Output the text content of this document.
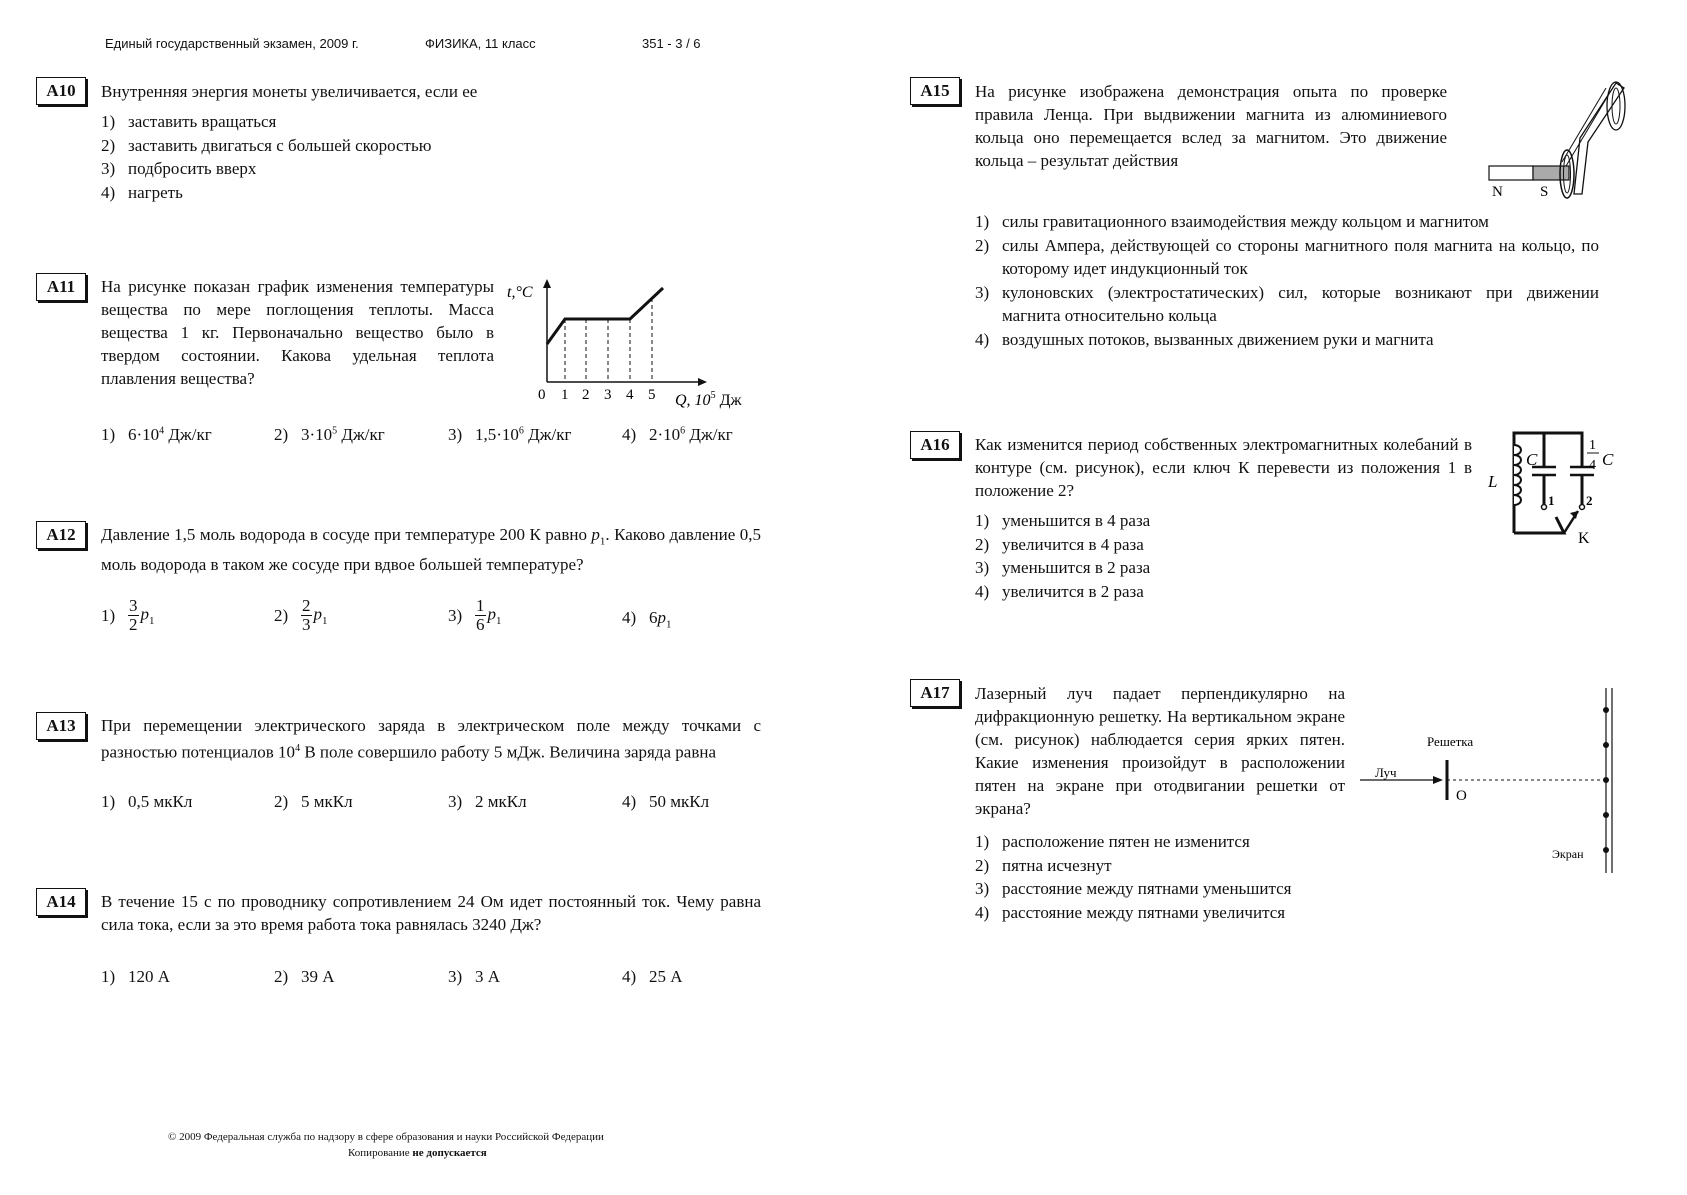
Единый государственный экзамен, 2009 г.	ФИЗИКА, 11 класс	351 - 3 / 6
A10	Внутренняя энергия монеты увеличивается, если ее
1) заставить вращаться
2) заставить двигаться с большей скоростью
3) подбросить вверх
4) нагреть
A11	На рисунке показан график изменения температуры вещества по мере поглощения теплоты. Масса вещества 1 кг. Первоначально вещество было в твердом состоянии. Какова удельная теплота плавления вещества?
t,°C
0 1 2 3 4 5 Q, $10^5$ Дж
1) $6\cdot 10^4$ Дж/кг	2) $3\cdot 10^5$ Дж/кг	3) $1,5\cdot 10^6$ Дж/кг	4) $2\cdot 10^6$ Дж/кг
A12	Давление 1,5 моль водорода в сосуде при температуре 200 К равно $p_1$. Каково давление 0,5 моль водорода в таком же сосуде при вдвое большей температуре?
$1) \frac{3}{2} p_1$	$2) \frac{2}{3} p_1$	$3) \frac{1}{6} p_1$	4) $6p_1$
A13	При перемещении электрического заряда в электрическом поле между точками с разностью потенциалов $10^4$ В поле совершило работу 5 мДж. Величина заряда равна
1) 0,5 мкКл	2) 5 мкКл	3) 2 мкКл	4) 50 мкКл
A14	В течение 15 с по проводнику сопротивлением 24 Ом идет постоянный ток. Чему равна сила тока, если за это время работа тока равнялась 3240 Дж?
1) 120 А	2) 39 А	3) 3 А	4) 25 А
© 2009 Федеральная служба по надзору в сфере образования и науки Российской Федерации
Копирование не допускается
A15	На рисунке изображена демонстрация опыта по проверке правила Ленца. При выдвижении магнита из алюминиевого кольца оно перемещается вслед за магнитом. Это движение кольца – результат действия
N S
1) силы гравитационного взаимодействия между кольцом и магнитом
2) силы Ампера, действующей со стороны магнитного поля магнита на кольцо, по которому идет индукционный ток
3) кулоновских (электростатических) сил, которые возникают при движении магнита относительно кольца
4) воздушных потоков, вызванных движением руки и магнита
A16	Как изменится период собственных электромагнитных колебаний в контуре (см. рисунок), если ключ К перевести из положения 1 в положение 2?	L
C
1
4 C
1 2
K
1) уменьшится в 4 раза
2) увеличится в 4 раза
3) уменьшится в 2 раза
4) увеличится в 2 раза
A17	Лазерный луч падает перпендикулярно на дифракционную решетку. На вертикальном экране (см. рисунок) наблюдается серия ярких пятен. Какие изменения произойдут в расположении пятен на экране при отодвигании решетки от экрана?
Решетка
Луч
O
Экран
1) расположение пятен не изменится
2) пятна исчезнут
3) расстояние между пятнами уменьшится
4) расстояние между пятнами увеличится
